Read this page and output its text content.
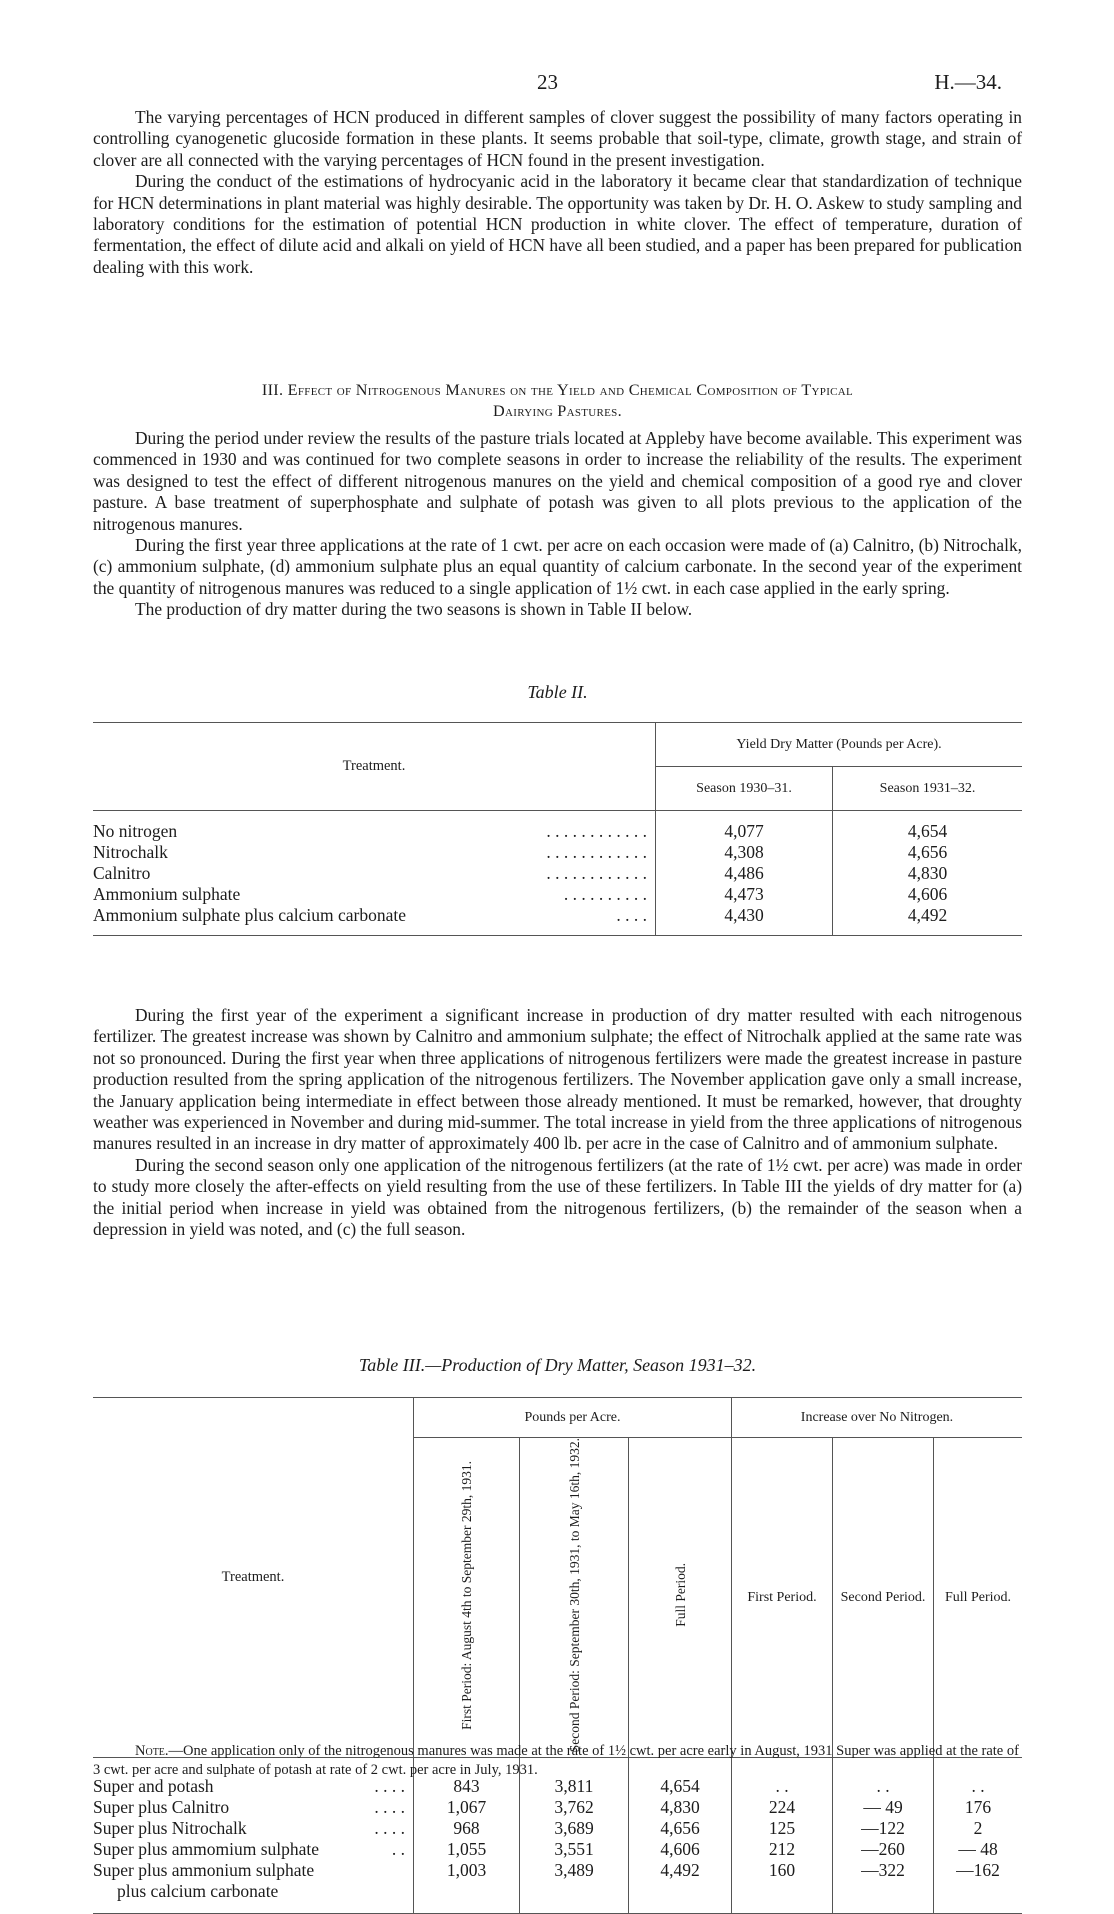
23	H.—34.

The varying percentages of HCN produced in different samples of clover suggest the possibility of many factors operating in controlling cyanogenetic glucoside formation in these plants. It seems probable that soil-type, climate, growth stage, and strain of clover are all connected with the varying percentages of HCN found in the present investigation.

During the conduct of the estimations of hydrocyanic acid in the laboratory it became clear that standardization of technique for HCN determinations in plant material was highly desirable. The opportunity was taken by Dr. H. O. Askew to study sampling and laboratory conditions for the estimation of potential HCN production in white clover. The effect of temperature, duration of fermentation, the effect of dilute acid and alkali on yield of HCN have all been studied, and a paper has been prepared for publication dealing with this work.

III. Effect of Nitrogenous Manures on the Yield and Chemical Composition of Typical
Dairying Pastures.

During the period under review the results of the pasture trials located at Appleby have become available. This experiment was commenced in 1930 and was continued for two complete seasons in order to increase the reliability of the results. The experiment was designed to test the effect of different nitrogenous manures on the yield and chemical composition of a good rye and clover pasture. A base treatment of superphosphate and sulphate of potash was given to all plots previous to the application of the nitrogenous manures.

During the first year three applications at the rate of 1 cwt. per acre on each occasion were made of (a) Calnitro, (b) Nitrochalk, (c) ammonium sulphate, (d) ammonium sulphate plus an equal quantity of calcium carbonate. In the second year of the experiment the quantity of nitrogenous manures was reduced to a single application of 1½ cwt. in each case applied in the early spring.

The production of dry matter during the two seasons is shown in Table II below.

Table II.
Treatment.	Yield Dry Matter (Pounds per Acre).	
	Season 1930–31.	Season 1931–32.

No nitrogen . . . . . . . . . . . .	4,077	4,654
Nitrochalk . . . . . . . . . . . .	4,308	4,656
Calnitro . . . . . . . . . . . .	4,486	4,830
Ammonium sulphate . . . . . . . . . .	4,473	4,606
Ammonium sulphate plus calcium carbonate . . . .	4,430	4,492

During the first year of the experiment a significant increase in production of dry matter resulted with each nitrogenous fertilizer. The greatest increase was shown by Calnitro and ammonium sulphate; the effect of Nitrochalk applied at the same rate was not so pronounced. During the first year when three applications of nitrogenous fertilizers were made the greatest increase in pasture production resulted from the spring application of the nitrogenous fertilizers. The November application gave only a small increase, the January application being intermediate in effect between those already mentioned. It must be remarked, however, that droughty weather was experienced in November and during mid-summer. The total increase in yield from the three applications of nitrogenous manures resulted in an increase in dry matter of approximately 400 lb. per acre in the case of Calnitro and of ammonium sulphate.

During the second season only one application of the nitrogenous fertilizers (at the rate of 1½ cwt. per acre) was made in order to study more closely the after-effects on yield resulting from the use of these fertilizers. In Table III the yields of dry matter for (a) the initial period when increase in yield was obtained from the nitrogenous fertilizers, (b) the remainder of the season when a depression in yield was noted, and (c) the full season.

Table III.—Production of Dry Matter, Season 1931–32.
Treatment.	Pounds per Acre.			Increase over No Nitrogen.		
	First Period: August 4th to September 29th, 1931.	Second Period: September 30th, 1931, to May 16th, 1932.	Full Period.	First Period.	Second Period.	Full Period.

Super and potash . . . .	843	3,811	4,654	. .	. .	. .
Super plus Calnitro . . . .	1,067	3,762	4,830	224	— 49	176
Super plus Nitrochalk . . . .	968	3,689	4,656	125	—122	2
Super plus ammomium sulphate . .	1,055	3,551	4,606	212	—260	— 48

Super plus ammonium sulphate
plus calcium carbonate	1,003	3,489	4,492	160	—322	—162

Note.—One application only of the nitrogenous manures was made at the rate of 1½ cwt. per acre early in August, 1931 Super was applied at the rate of 3 cwt. per acre and sulphate of potash at rate of 2 cwt. per acre in July, 1931.
